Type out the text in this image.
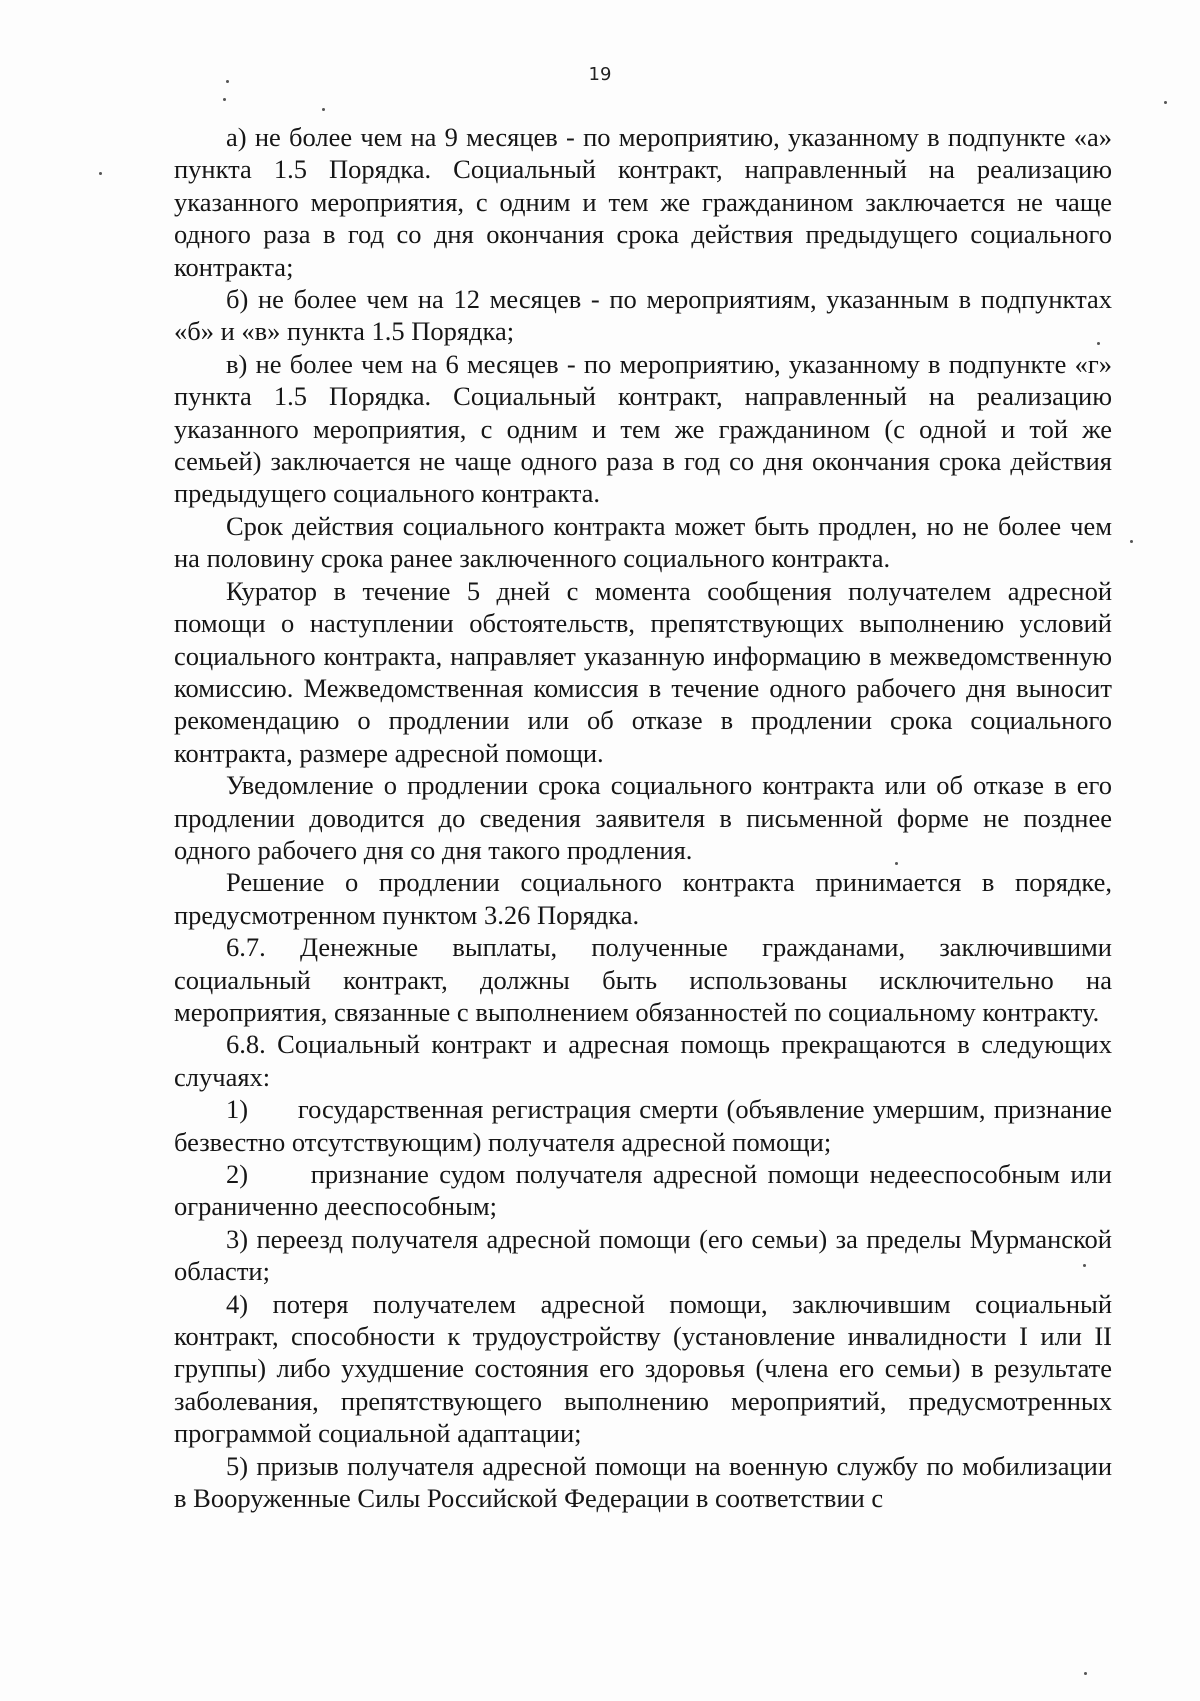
19

а) не более чем на 9 месяцев - по мероприятию, указанному в подпункте «а» пункта 1.5 Порядка. Социальный контракт, направленный на реализацию указанного мероприятия, с одним и тем же гражданином заключается не чаще одного раза в год со дня окончания срока действия предыдущего социального контракта;

б) не более чем на 12 месяцев - по мероприятиям, указанным в подпунктах «б» и «в» пункта 1.5 Порядка;

в) не более чем на 6 месяцев - по мероприятию, указанному в подпункте «г» пункта 1.5 Порядка. Социальный контракт, направленный на реализацию указанного мероприятия, с одним и тем же гражданином (с одной и той же семьей) заключается не чаще одного раза в год со дня окончания срока действия предыдущего социального контракта.

Срок действия социального контракта может быть продлен, но не более чем на половину срока ранее заключенного социального контракта.

Куратор в течение 5 дней с момента сообщения получателем адресной помощи о наступлении обстоятельств, препятствующих выполнению условий социального контракта, направляет указанную информацию в межведомственную комиссию. Межведомственная комиссия в течение одного рабочего дня выносит рекомендацию о продлении или об отказе в продлении срока социального контракта, размере адресной помощи.

Уведомление о продлении срока социального контракта или об отказе в его продлении доводится до сведения заявителя в письменной форме не позднее одного рабочего дня со дня такого продления.

Решение о продлении социального контракта принимается в порядке, предусмотренном пунктом 3.26 Порядка.

6.7. Денежные выплаты, полученные гражданами, заключившими социальный контракт, должны быть использованы исключительно на мероприятия, связанные с выполнением обязанностей по социальному контракту.

6.8. Социальный контракт и адресная помощь прекращаются в следующих случаях:

1)      государственная регистрация смерти (объявление умершим, признание безвестно отсутствующим) получателя адресной помощи;

2)      признание судом получателя адресной помощи недееспособным или ограниченно дееспособным;

3) переезд получателя адресной помощи (его семьи) за пределы Мурманской области;

4) потеря получателем адресной помощи, заключившим социальный контракт, способности к трудоустройству (установление инвалидности I или II группы) либо ухудшение состояния его здоровья (члена его семьи) в результате заболевания, препятствующего выполнению мероприятий, предусмотренных программой социальной адаптации;

5) призыв получателя адресной помощи на военную службу по мобилизации в Вооруженные Силы Российской Федерации в соответствии с
